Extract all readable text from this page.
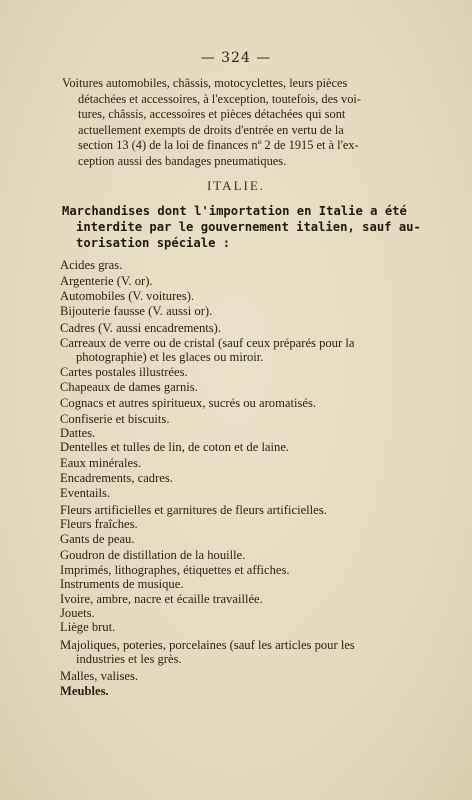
— 324 —
Voitures automobiles, châssis, motocyclettes, leurs pièces
détachées et accessoires, à l'exception, toutefois, des voi-
tures, châssis, accessoires et pièces détachées qui sont
actuellement exempts de droits d'entrée en vertu de la
section 13 (4) de la loi de finances nº 2 de 1915 et à l'ex-
ception aussi des bandages pneumatiques.
ITALIE.
Marchandises dont l'importation en Italie a été
interdite par le gouvernement italien, sauf au-
torisation spéciale :
Acides gras.
Argenterie (V. or).
Automobiles (V. voitures).
Bijouterie fausse (V. aussi or).
Cadres (V. aussi encadrements).
Carreaux de verre ou de cristal (sauf ceux préparés pour la
photographie) et les glaces ou miroir.
Cartes postales illustrées.
Chapeaux de dames garnis.
Cognacs et autres spiritueux, sucrés ou aromatisés.
Confiserie et biscuits.
Dattes.
Dentelles et tulles de lin, de coton et de laine.
Eaux minérales.
Encadrements, cadres.
Eventails.
Fleurs artificielles et garnitures de fleurs artificielles.
Fleurs fraîches.
Gants de peau.
Goudron de distillation de la houille.
Imprimés, lithographes, étiquettes et affiches.
Instruments de musique.
Ivoire, ambre, nacre et écaille travaillée.
Jouets.
Liège brut.
Majoliques, poteries, porcelaines (sauf les articles pour les
industries et les grès.
Malles, valises.
Meubles.
